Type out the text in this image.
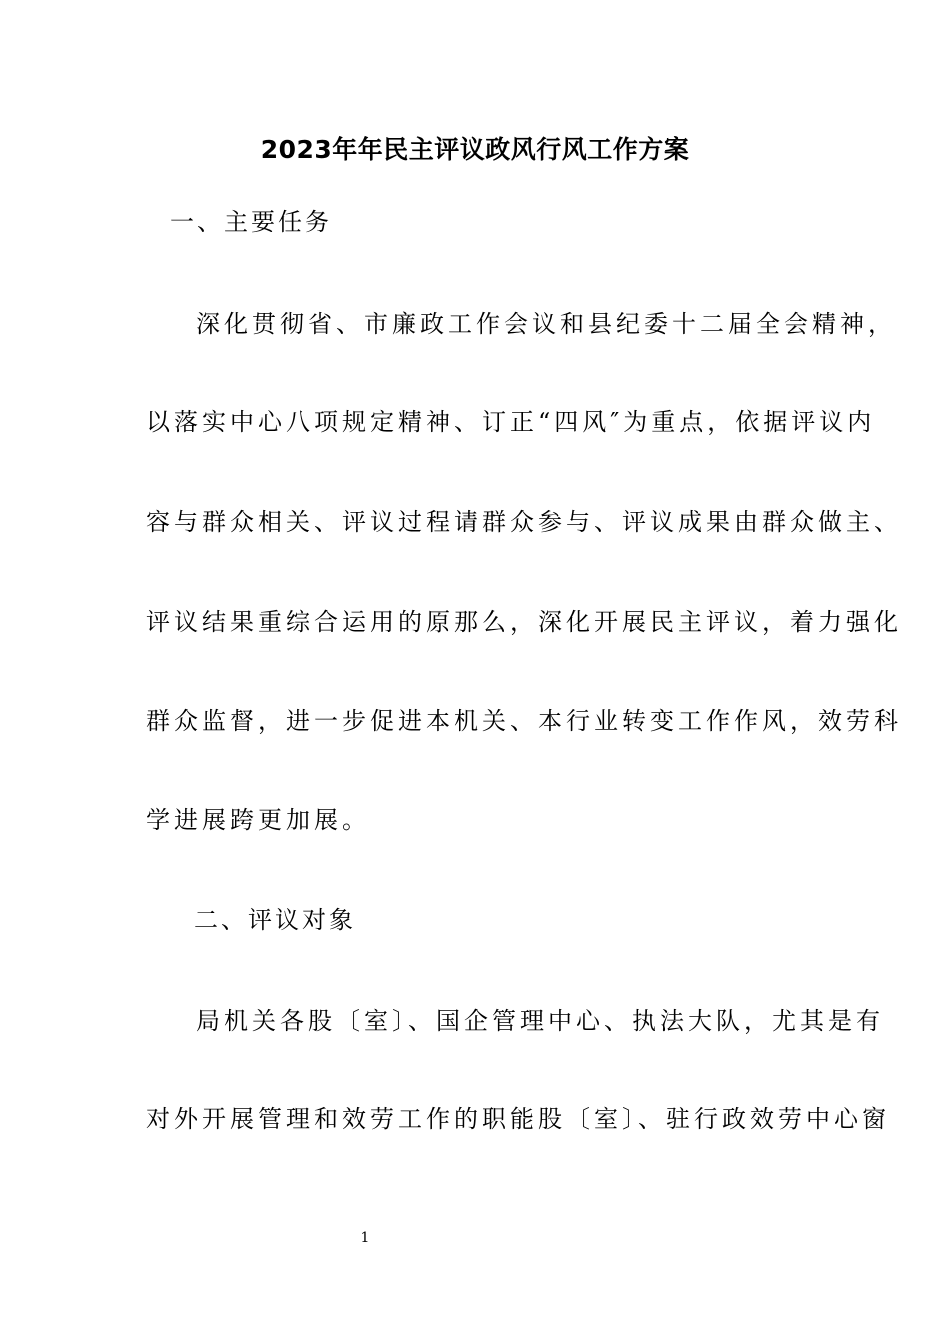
2023年年民主评议政风行风工作方案
一、主要任务
深化贯彻省、市廉政工作会议和县纪委十二届全会精神，
以落实中心八项规定精神、订正“四风″为重点，依据评议内
容与群众相关、评议过程请群众参与、评议成果由群众做主、
评议结果重综合运用的原那么，深化开展民主评议，着力强化
群众监督，进一步促进本机关、本行业转变工作作风，效劳科
学进展跨更加展。
二、评议对象
局机关各股〔室〕、国企管理中心、执法大队，尤其是有
对外开展管理和效劳工作的职能股〔室〕、驻行政效劳中心窗
1
